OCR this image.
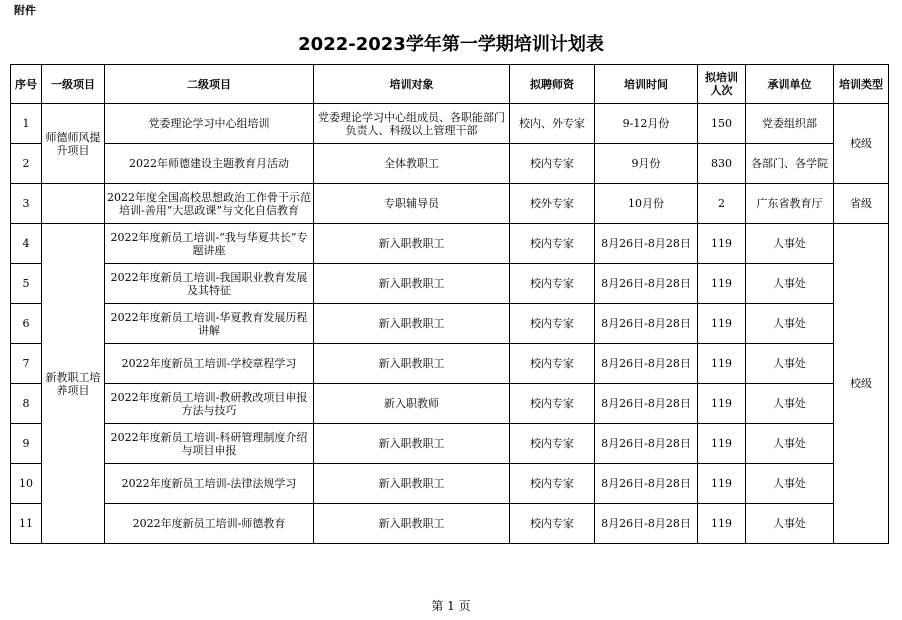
附件
2022-2023学年第一学期培训计划表
序号	一级项目	二级项目	培训对象	拟聘师资	培训时间	拟培训人次	承训单位	培训类型
1	师德师风提升项目	党委理论学习中心组培训	党委理论学习中心组成员、各职能部门负责人、科级以上管理干部	校内、外专家	9-12月份	150	党委组织部	校级
2		2022年师德建设主题教育月活动	全体教职工	校内专家	9月份	830	各部门、各学院	
3		2022年度全国高校思想政治工作骨干示范培训-善用“大思政课”与文化自信教育	专职辅导员	校外专家	10月份	2	广东省教育厅	省级
4	新教职工培养项目	2022年度新员工培训-“我与华夏共长”专题讲座	新入职教职工	校内专家	8月26日-8月28日	119	人事处	校级
5		2022年度新员工培训-我国职业教育发展及其特征	新入职教职工	校内专家	8月26日-8月28日	119	人事处	
6		2022年度新员工培训-华夏教育发展历程讲解	新入职教职工	校内专家	8月26日-8月28日	119	人事处	
7		2022年度新员工培训-学校章程学习	新入职教职工	校内专家	8月26日-8月28日	119	人事处	
8		2022年度新员工培训-教研教改项目申报方法与技巧	新入职教师	校内专家	8月26日-8月28日	119	人事处	
9		2022年度新员工培训-科研管理制度介绍与项目申报	新入职教职工	校内专家	8月26日-8月28日	119	人事处	
10		2022年度新员工培训-法律法规学习	新入职教职工	校内专家	8月26日-8月28日	119	人事处	
11		2022年度新员工培训-师德教育	新入职教职工	校内专家	8月26日-8月28日	119	人事处	
第 1 页
